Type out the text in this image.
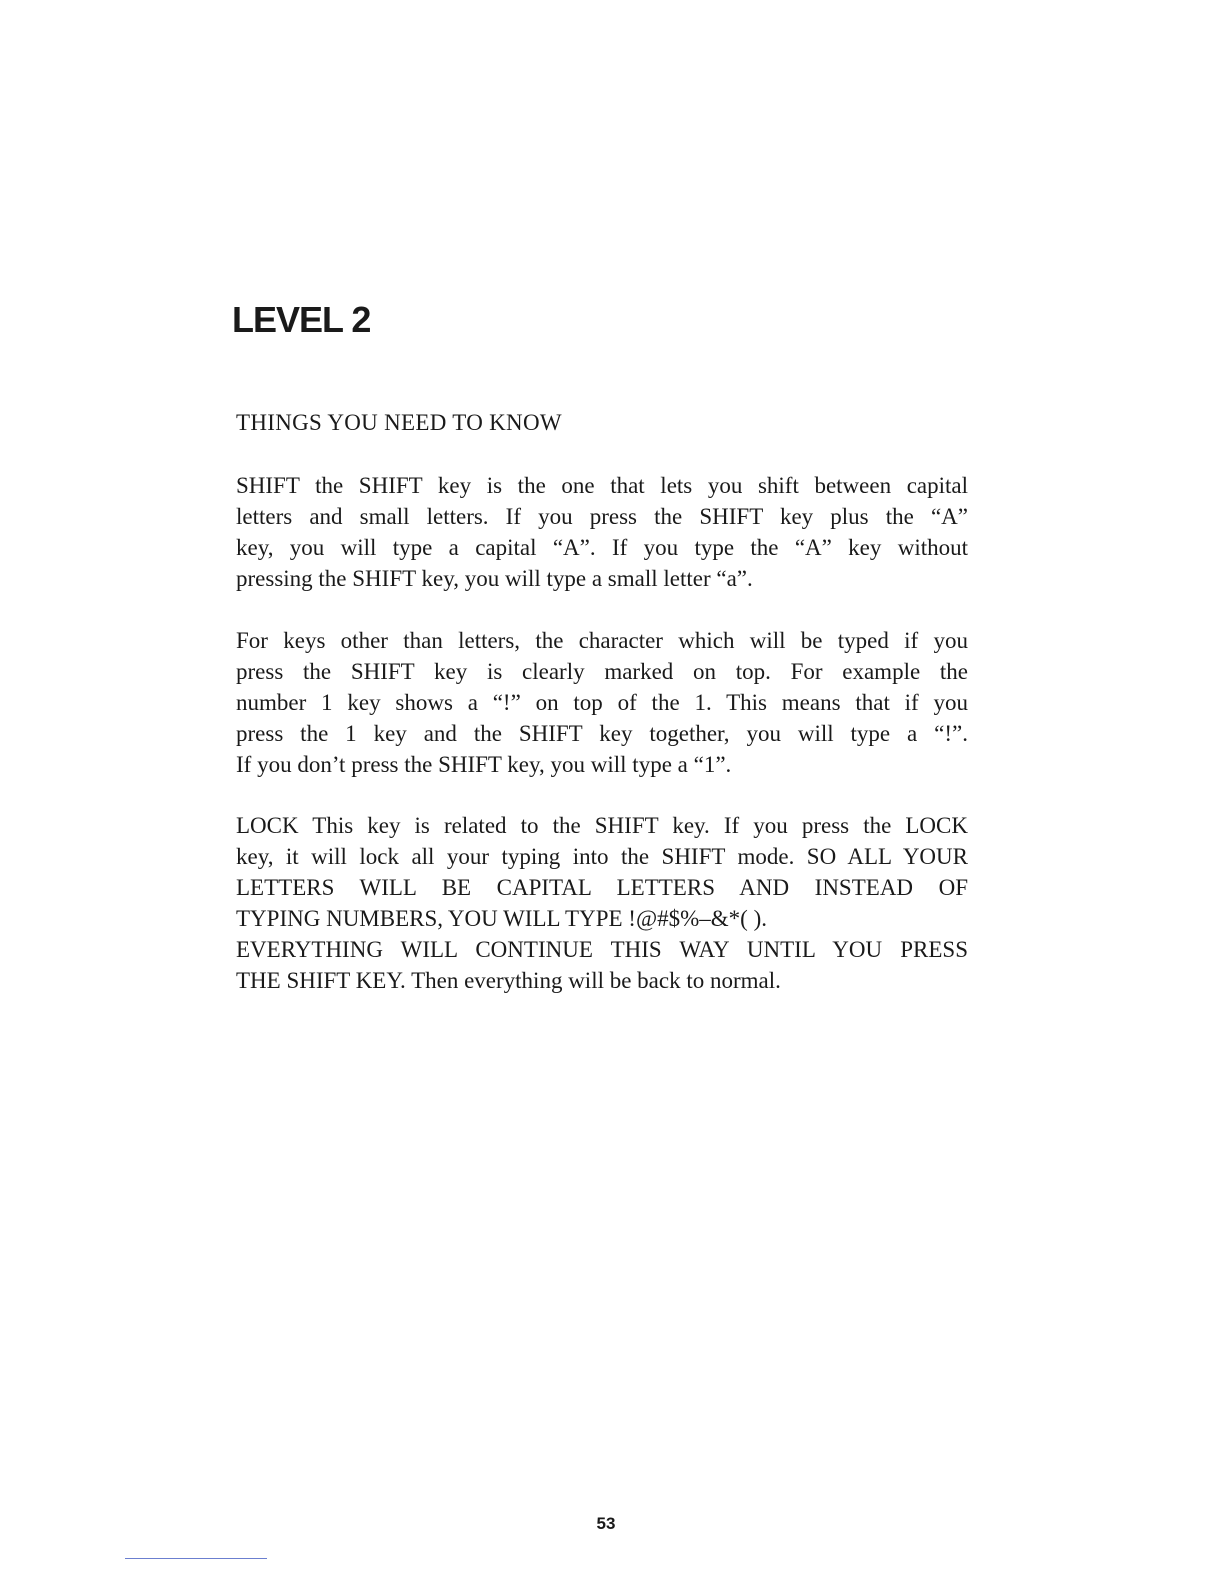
LEVEL 2
THINGS YOU NEED TO KNOW
SHIFT the SHIFT key is the one that lets you shift between capital
letters and small letters. If you press the SHIFT key plus the “A”
key, you will type a capital “A”. If you type the “A” key without
pressing the SHIFT key, you will type a small letter “a”.
For keys other than letters, the character which will be typed if you
press the SHIFT key is clearly marked on top. For example the
number 1 key shows a “!” on top of the 1. This means that if you
press the 1 key and the SHIFT key together, you will type a “!”.
If you don’t press the SHIFT key, you will type a “1”.
LOCK This key is related to the SHIFT key. If you press the LOCK
key, it will lock all your typing into the SHIFT mode. SO ALL YOUR
LETTERS WILL BE CAPITAL LETTERS AND INSTEAD OF
TYPING NUMBERS, YOU WILL TYPE !@#$%–&*( ).
EVERYTHING WILL CONTINUE THIS WAY UNTIL YOU PRESS
THE SHIFT KEY. Then everything will be back to normal.
53
